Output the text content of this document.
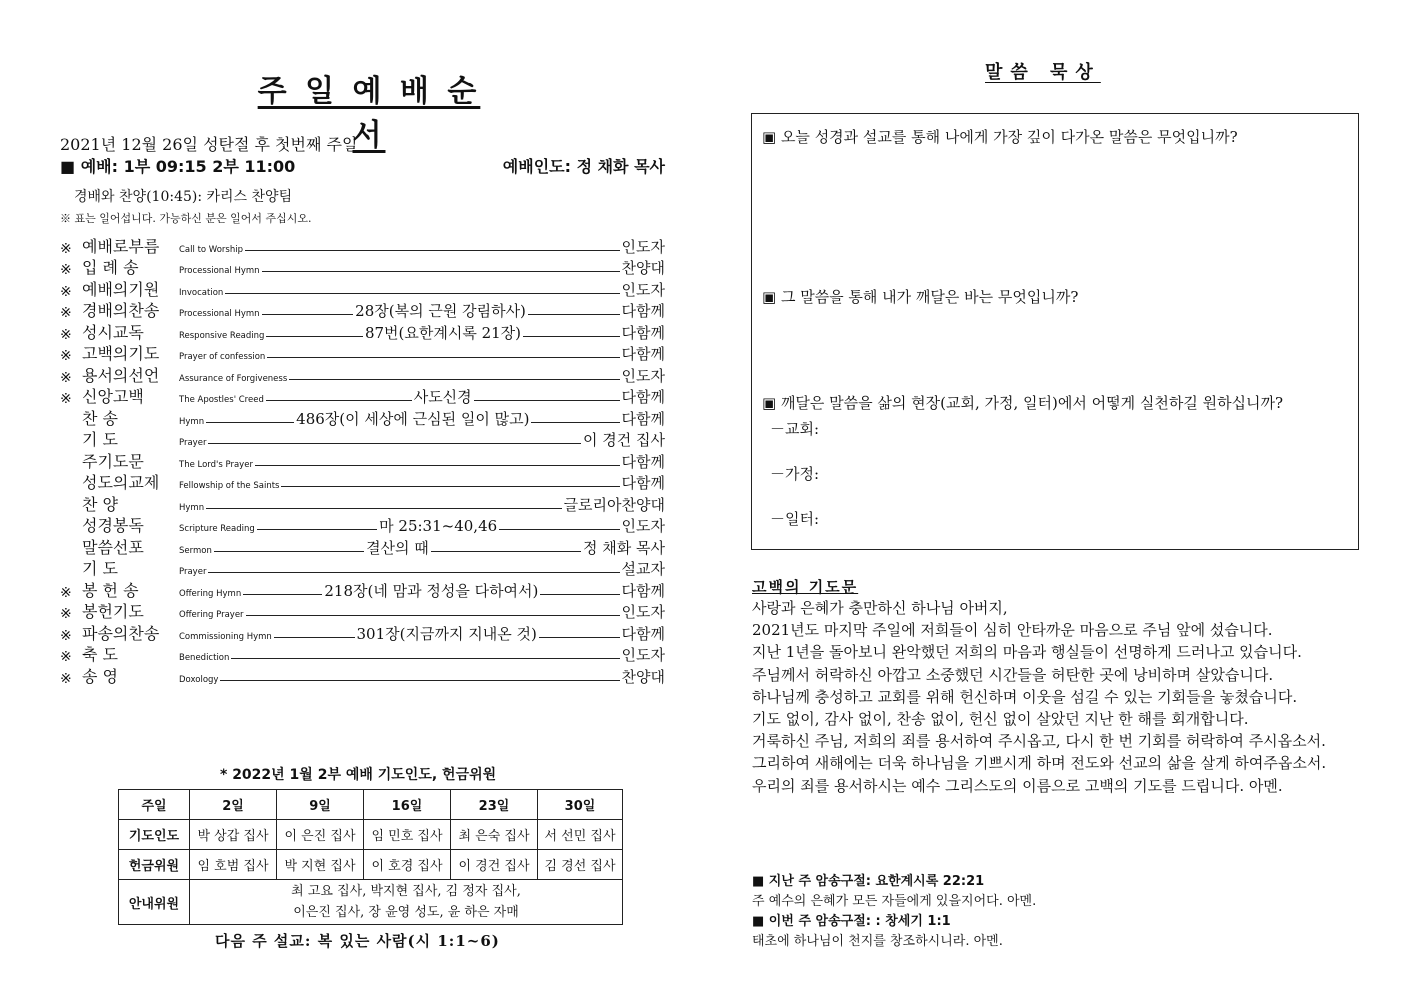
주 일 예 배 순 서
2021년 12월 26일 성탄절 후 첫번째 주일
■ 예배: 1부 09:15 2부 11:00	예배인도: 정 채화 목사
경배와 찬양(10:45): 카리스 찬양팀
※ 표는 일어섭니다. 가능하신 분은 일어서 주십시오.
※ 예배로부름	Call to Worship	인도자
※ 입 례 송	Processional Hymn	찬양대
※ 예배의기원	Invocation	인도자
※ 경배의찬송	Processional Hymn	28장(복의 근원 강림하사)	다함께
※ 성시교독	Responsive Reading	87번(요한계시록 21장)	다함께
※ 고백의기도	Prayer of confession	다함께
※ 용서의선언	Assurance of Forgiveness	인도자
※ 신앙고백	The Apostles' Creed	사도신경	다함께
찬 송	Hymn	486장(이 세상에 근심된 일이 많고)	다함께
기 도	Prayer	이 경건 집사
주기도문	The Lord's Prayer	다함께
성도의교제	Fellowship of the Saints	다함께
찬 양	Hymn	글로리아찬양대
성경봉독	Scripture Reading	마 25:31~40,46	인도자
말씀선포	Sermon	결산의 때	정 채화 목사
기 도	Prayer	설교자
※ 봉 헌 송	Offering Hymn	218장(네 맘과 정성을 다하여서)	다함께
※ 봉헌기도	Offering Prayer	인도자
※ 파송의찬송	Commissioning Hymn	301장(지금까지 지내온 것)	다함께
※ 축 도	Benediction	인도자
※ 송 영	Doxology	찬양대
* 2022년 1월 2부 예배 기도인도, 헌금위원
주일	2일	9일	16일	23일	30일
기도인도	박 상갑 집사	이 은진 집사	임 민호 집사	최 은숙 집사	서 선민 집사
헌금위원	임 호범 집사	박 지현 집사	이 호경 집사	이 경건 집사	김 경선 집사
안내위원	최 고요 집사, 박지현 집사, 김 정자 집사,
이은진 집사, 장 윤영 성도, 윤 하은 자매				
다음 주 설교: 복 있는 사람(시 1:1~6)
말씀 묵상
▣ 오늘 성경과 설교를 통해 나에게 가장 깊이 다가온 말씀은 무엇입니까?
▣ 그 말씀을 통해 내가 깨달은 바는 무엇입니까?
▣ 깨달은 말씀을 삶의 현장(교회, 가정, 일터)에서 어떻게 실천하길 원하십니까?
－교회:
－가정:
－일터:
고백의 기도문
사랑과 은혜가 충만하신 하나님 아버지,
2021년도 마지막 주일에 저희들이 심히 안타까운 마음으로 주님 앞에 섰습니다.
지난 1년을 돌아보니 완악했던 저희의 마음과 행실들이 선명하게 드러나고 있습니다.
주님께서 허락하신 아깝고 소중했던 시간들을 허탄한 곳에 낭비하며 살았습니다.
하나님께 충성하고 교회를 위해 헌신하며 이웃을 섬길 수 있는 기회들을 놓쳤습니다.
기도 없이, 감사 없이, 찬송 없이, 헌신 없이 살았던 지난 한 해를 회개합니다.
거룩하신 주님, 저희의 죄를 용서하여 주시옵고, 다시 한 번 기회를 허락하여 주시옵소서.
그리하여 새해에는 더욱 하나님을 기쁘시게 하며 전도와 선교의 삶을 살게 하여주옵소서.
우리의 죄를 용서하시는 예수 그리스도의 이름으로 고백의 기도를 드립니다. 아멘.
■ 지난 주 암송구절: 요한계시록 22:21
주 예수의 은혜가 모든 자들에게 있을지어다. 아멘.
■ 이번 주 암송구절: : 창세기 1:1
태초에 하나님이 천지를 창조하시니라. 아멘.
